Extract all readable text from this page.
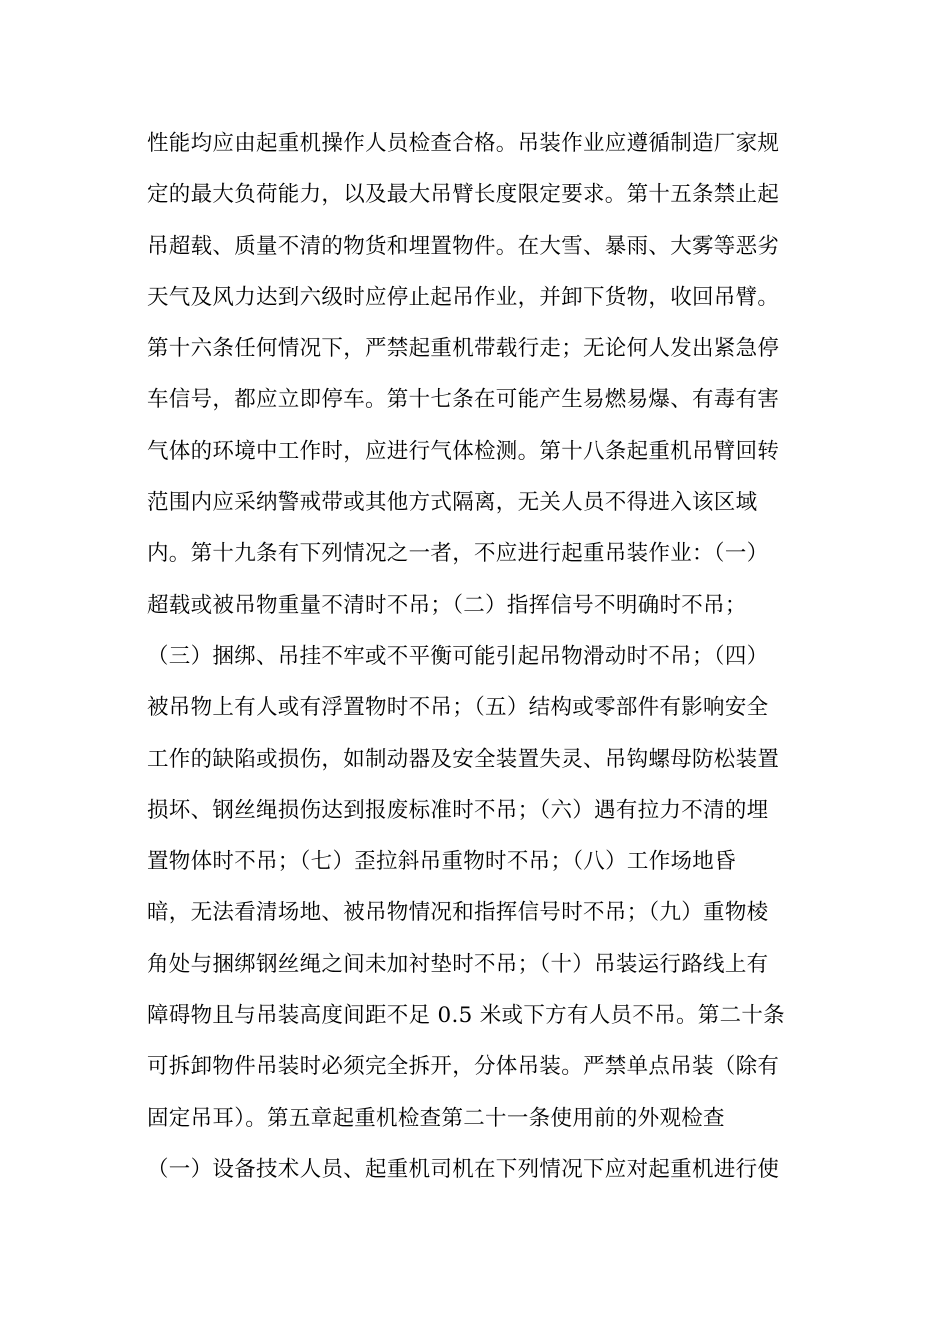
性能均应由起重机操作人员检查合格。吊装作业应遵循制造厂家规
定的最大负荷能力，以及最大吊臂长度限定要求。第十五条禁止起
吊超载、质量不清的物货和埋置物件。在大雪、暴雨、大雾等恶劣
天气及风力达到六级时应停止起吊作业，并卸下货物，收回吊臂。
第十六条任何情况下，严禁起重机带载行走；无论何人发出紧急停
车信号，都应立即停车。第十七条在可能产生易燃易爆、有毒有害
气体的环境中工作时，应进行气体检测。第十八条起重机吊臂回转
范围内应采纳警戒带或其他方式隔离，无关人员不得进入该区域
内。第十九条有下列情况之一者，不应进行起重吊装作业：（一）
超载或被吊物重量不清时不吊；（二）指挥信号不明确时不吊；
（三）捆绑、吊挂不牢或不平衡可能引起吊物滑动时不吊；（四）
被吊物上有人或有浮置物时不吊；（五）结构或零部件有影响安全
工作的缺陷或损伤，如制动器及安全装置失灵、吊钩螺母防松装置
损坏、钢丝绳损伤达到报废标准时不吊；（六）遇有拉力不清的埋
置物体时不吊；（七）歪拉斜吊重物时不吊；（八）工作场地昏
暗，无法看清场地、被吊物情况和指挥信号时不吊；（九）重物棱
角处与捆绑钢丝绳之间未加衬垫时不吊；（十）吊装运行路线上有
障碍物且与吊装高度间距不足 0.5 米或下方有人员不吊。第二十条
可拆卸物件吊装时必须完全拆开，分体吊装。严禁单点吊装（除有
固定吊耳）。第五章起重机检查第二十一条使用前的外观检查
（一）设备技术人员、起重机司机在下列情况下应对起重机进行使
